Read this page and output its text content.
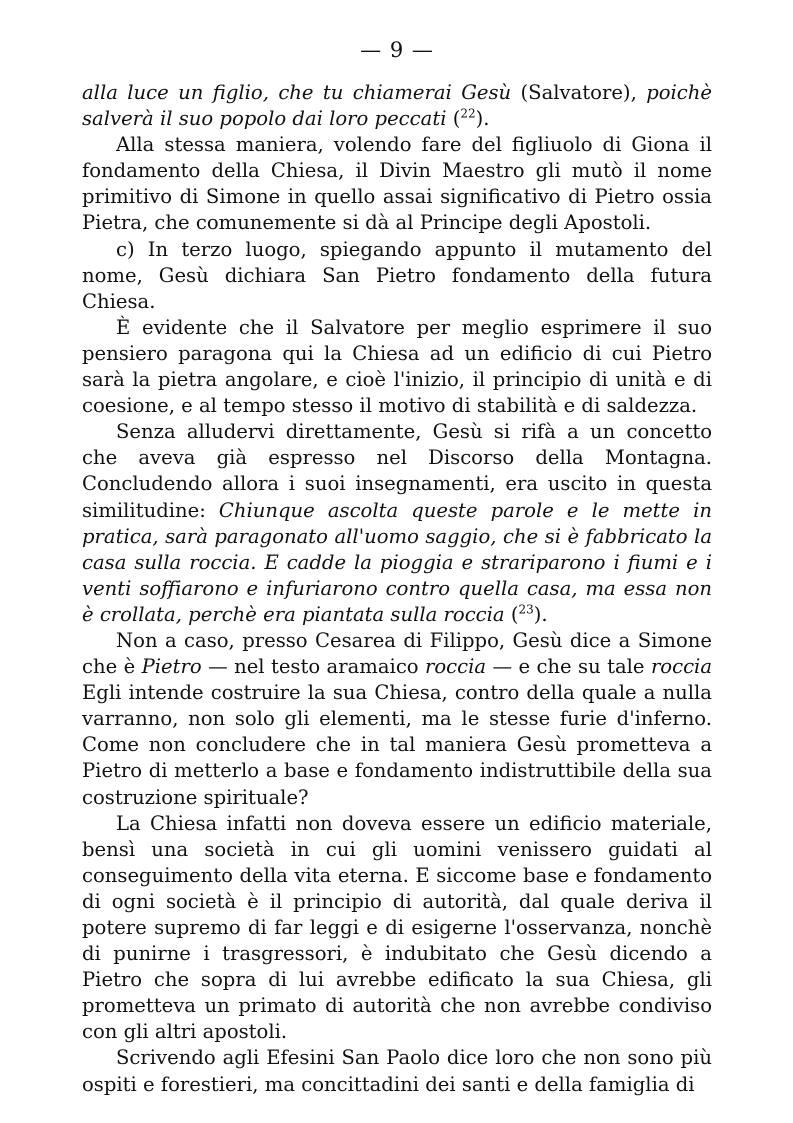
— 9 —

alla luce un figlio, che tu chiamerai Gesù (Salvatore), poichè salverà il suo popolo dai loro peccati ($^{22}$).

Alla stessa maniera, volendo fare del figliuolo di Giona il fondamento della Chiesa, il Divin Maestro gli mutò il nome primitivo di Simone in quello assai significativo di Pietro ossia Pietra, che comunemente si dà al Principe degli Apostoli.

c) In terzo luogo, spiegando appunto il mutamento del nome, Gesù dichiara San Pietro fondamento della futura Chiesa.

È evidente che il Salvatore per meglio esprimere il suo pensiero paragona qui la Chiesa ad un edificio di cui Pietro sarà la pietra angolare, e cioè l'inizio, il principio di unità e di coesione, e al tempo stesso il motivo di stabilità e di saldezza.

Senza alludervi direttamente, Gesù si rifà a un concetto che aveva già espresso nel Discorso della Montagna. Concludendo allora i suoi insegnamenti, era uscito in questa similitudine: Chiunque ascolta queste parole e le mette in pratica, sarà paragonato all'uomo saggio, che si è fabbricato la casa sulla roccia. E cadde la pioggia e strariparono i fiumi e i venti soffiarono e infuriarono contro quella casa, ma essa non è crollata, perchè era piantata sulla roccia ($^{23}$).

Non a caso, presso Cesarea di Filippo, Gesù dice a Simone che è Pietro — nel testo aramaico roccia — e che su tale roccia Egli intende costruire la sua Chiesa, contro della quale a nulla varranno, non solo gli elementi, ma le stesse furie d'inferno. Come non concludere che in tal maniera Gesù prometteva a Pietro di metterlo a base e fondamento indistruttibile della sua costruzione spirituale?

La Chiesa infatti non doveva essere un edificio materiale, bensì una società in cui gli uomini venissero guidati al conseguimento della vita eterna. E siccome base e fondamento di ogni società è il principio di autorità, dal quale deriva il potere supremo di far leggi e di esigerne l'osservanza, nonchè di punirne i trasgressori, è indubitato che Gesù dicendo a Pietro che sopra di lui avrebbe edificato la sua Chiesa, gli prometteva un primato di autorità che non avrebbe condiviso con gli altri apostoli.

Scrivendo agli Efesini San Paolo dice loro che non sono più ospiti e forestieri, ma concittadini dei santi e della famiglia di
